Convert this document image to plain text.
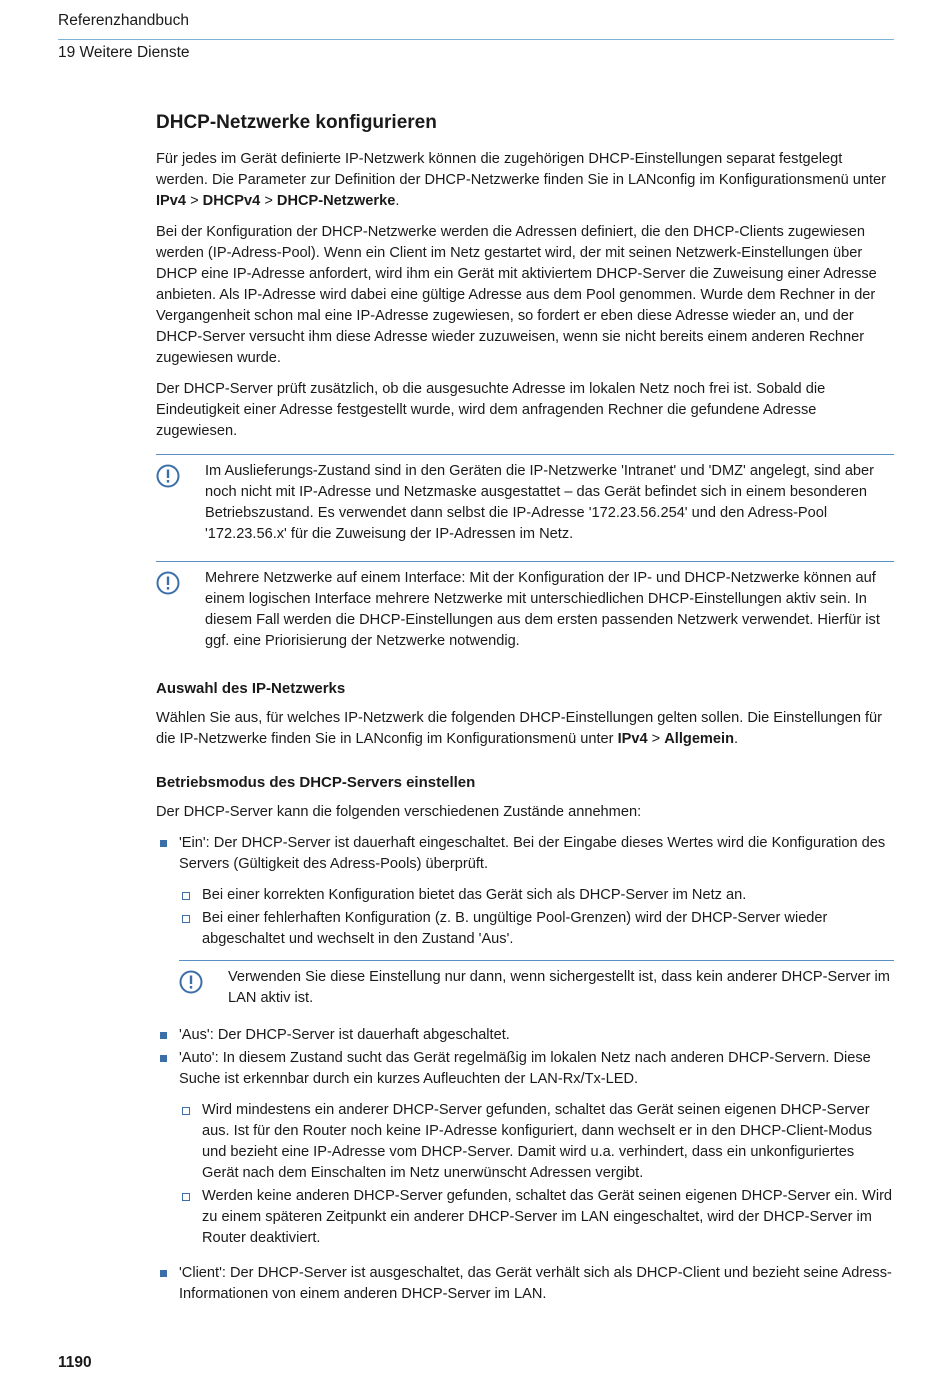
Referenzhandbuch
19 Weitere Dienste
DHCP-Netzwerke konfigurieren

Für jedes im Gerät definierte IP-Netzwerk können die zugehörigen DHCP-Einstellungen separat festgelegt werden. Die Parameter zur Definition der DHCP-Netzwerke finden Sie in LANconfig im Konfigurationsmenü unter IPv4 > DHCPv4 > DHCP-Netzwerke.

Bei der Konfiguration der DHCP-Netzwerke werden die Adressen definiert, die den DHCP-Clients zugewiesen werden (IP-Adress-Pool). Wenn ein Client im Netz gestartet wird, der mit seinen Netzwerk-Einstellungen über DHCP eine IP-Adresse anfordert, wird ihm ein Gerät mit aktiviertem DHCP-Server die Zuweisung einer Adresse anbieten. Als IP-Adresse wird dabei eine gültige Adresse aus dem Pool genommen. Wurde dem Rechner in der Vergangenheit schon mal eine IP-Adresse zugewiesen, so fordert er eben diese Adresse wieder an, und der DHCP-Server versucht ihm diese Adresse wieder zuzuweisen, wenn sie nicht bereits einem anderen Rechner zugewiesen wurde.

Der DHCP-Server prüft zusätzlich, ob die ausgesuchte Adresse im lokalen Netz noch frei ist. Sobald die Eindeutigkeit einer Adresse festgestellt wurde, wird dem anfragenden Rechner die gefundene Adresse zugewiesen.

Im Auslieferungs-Zustand sind in den Geräten die IP-Netzwerke 'Intranet' und 'DMZ' angelegt, sind aber noch nicht mit IP-Adresse und Netzmaske ausgestattet – das Gerät befindet sich in einem besonderen Betriebszustand. Es verwendet dann selbst die IP-Adresse '172.23.56.254' und den Adress-Pool '172.23.56.x' für die Zuweisung der IP-Adressen im Netz.

Mehrere Netzwerke auf einem Interface: Mit der Konfiguration der IP- und DHCP-Netzwerke können auf einem logischen Interface mehrere Netzwerke mit unterschiedlichen DHCP-Einstellungen aktiv sein. In diesem Fall werden die DHCP-Einstellungen aus dem ersten passenden Netzwerk verwendet. Hierfür ist ggf. eine Priorisierung der Netzwerke notwendig.

Auswahl des IP-Netzwerks

Wählen Sie aus, für welches IP-Netzwerk die folgenden DHCP-Einstellungen gelten sollen. Die Einstellungen für die IP-Netzwerke finden Sie in LANconfig im Konfigurationsmenü unter IPv4 > Allgemein.

Betriebsmodus des DHCP-Servers einstellen

Der DHCP-Server kann die folgenden verschiedenen Zustände annehmen:

'Ein': Der DHCP-Server ist dauerhaft eingeschaltet. Bei der Eingabe dieses Wertes wird die Konfiguration des Servers (Gültigkeit des Adress-Pools) überprüft.
Bei einer korrekten Konfiguration bietet das Gerät sich als DHCP-Server im Netz an.
Bei einer fehlerhaften Konfiguration (z. B. ungültige Pool-Grenzen) wird der DHCP-Server wieder abgeschaltet und wechselt in den Zustand 'Aus'.

Verwenden Sie diese Einstellung nur dann, wenn sichergestellt ist, dass kein anderer DHCP-Server im LAN aktiv ist.

'Aus': Der DHCP-Server ist dauerhaft abgeschaltet.
'Auto': In diesem Zustand sucht das Gerät regelmäßig im lokalen Netz nach anderen DHCP-Servern. Diese Suche ist erkennbar durch ein kurzes Aufleuchten der LAN-Rx/Tx-LED.
Wird mindestens ein anderer DHCP-Server gefunden, schaltet das Gerät seinen eigenen DHCP-Server aus. Ist für den Router noch keine IP-Adresse konfiguriert, dann wechselt er in den DHCP-Client-Modus und bezieht eine IP-Adresse vom DHCP-Server. Damit wird u.a. verhindert, dass ein unkonfiguriertes Gerät nach dem Einschalten im Netz unerwünscht Adressen vergibt.
Werden keine anderen DHCP-Server gefunden, schaltet das Gerät seinen eigenen DHCP-Server ein. Wird zu einem späteren Zeitpunkt ein anderer DHCP-Server im LAN eingeschaltet, wird der DHCP-Server im Router deaktiviert.
'Client': Der DHCP-Server ist ausgeschaltet, das Gerät verhält sich als DHCP-Client und bezieht seine Adress-Informationen von einem anderen DHCP-Server im LAN.
1190
